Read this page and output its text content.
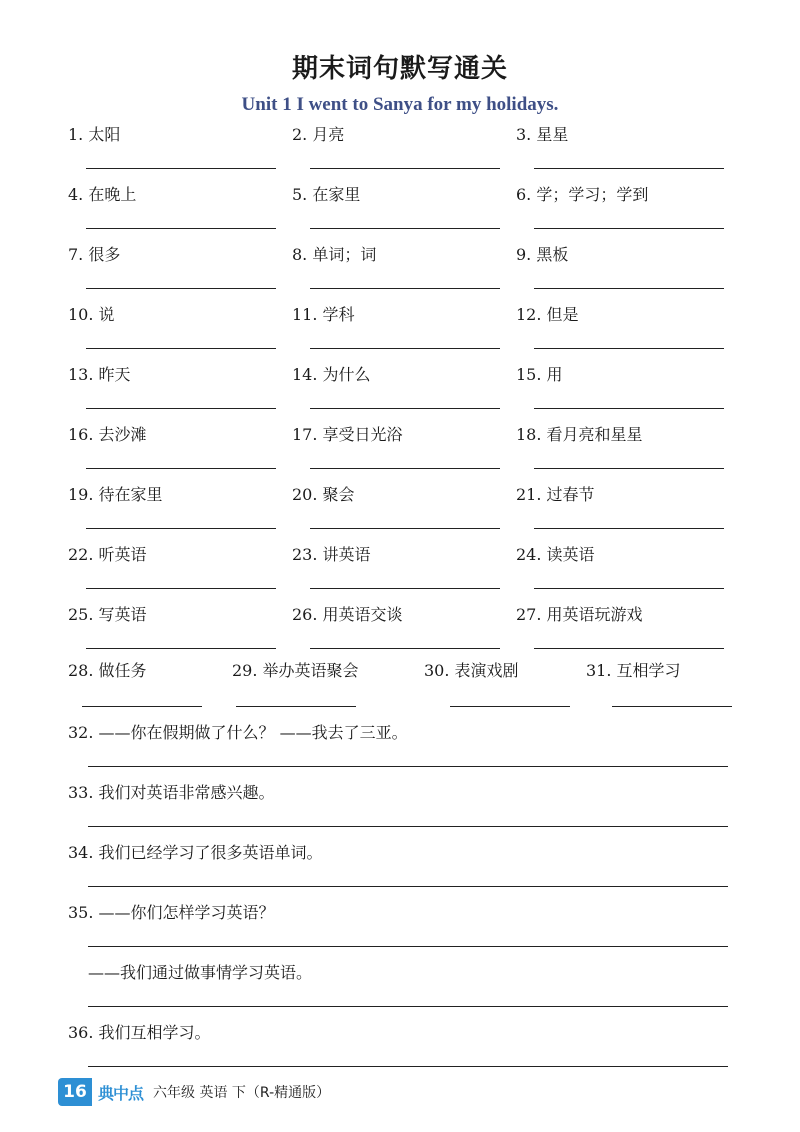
期末词句默写通关
Unit 1 I went to Sanya for my holidays.
1. 太阳	2. 月亮	3. 星星
4. 在晚上	5. 在家里	6. 学；学习；学到
7. 很多	8. 单词；词	9. 黑板
10. 说	11. 学科	12. 但是
13. 昨天	14. 为什么	15. 用
16. 去沙滩	17. 享受日光浴	18. 看月亮和星星
19. 待在家里	20. 聚会	21. 过春节
22. 听英语	23. 讲英语	24. 读英语
25. 写英语	26. 用英语交谈	27. 用英语玩游戏
28. 做任务	29. 举办英语聚会	30. 表演戏剧	31. 互相学习
32. ——你在假期做了什么？ ——我去了三亚。
33. 我们对英语非常感兴趣。
34. 我们已经学习了很多英语单词。
35. ——你们怎样学习英语？
——我们通过做事情学习英语。
36. 我们互相学习。
16 典中点 六年级 英语 下（R-精通版）
